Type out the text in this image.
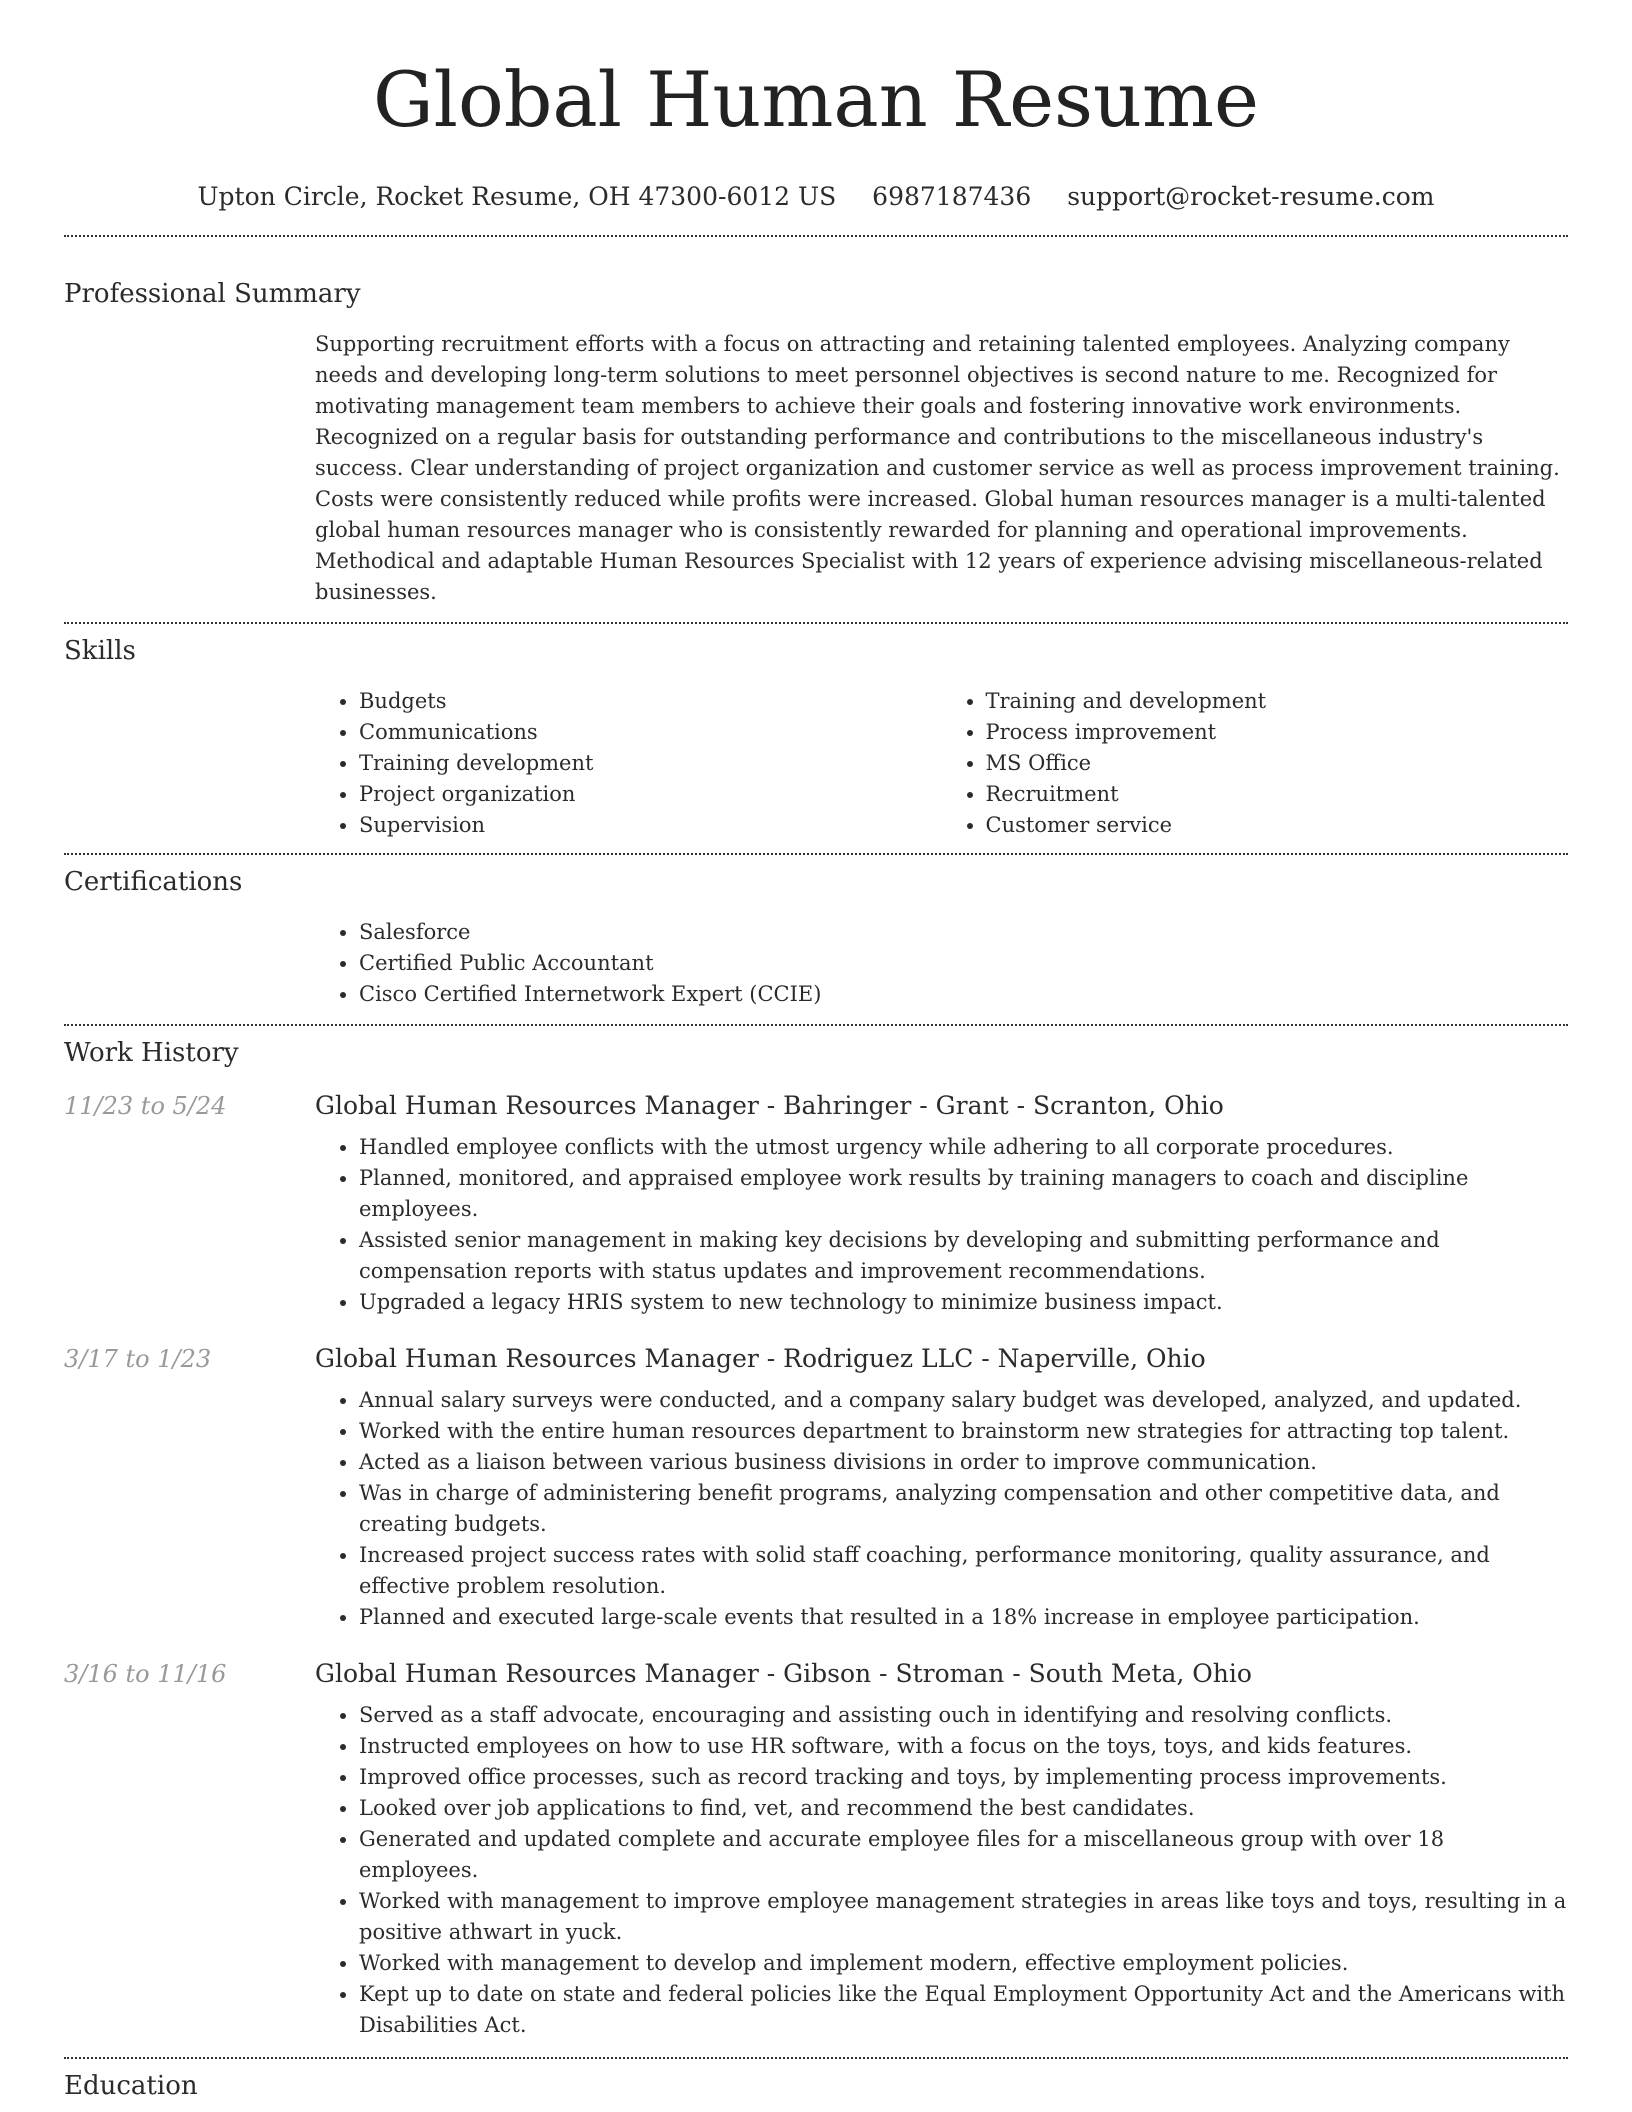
Global Human Resume
Upton Circle, Rocket Resume, OH 47300-6012 US 6987187436 support@rocket-resume.com
Professional Summary

Supporting recruitment efforts with a focus on attracting and retaining talented employees. Analyzing company needs and developing long-term solutions to meet personnel objectives is second nature to me. Recognized for motivating management team members to achieve their goals and fostering innovative work environments. Recognized on a regular basis for outstanding performance and contributions to the miscellaneous industry's success. Clear understanding of project organization and customer service as well as process improvement training. Costs were consistently reduced while profits were increased. Global human resources manager is a multi-talented global human resources manager who is consistently rewarded for planning and operational improvements. Methodical and adaptable Human Resources Specialist with 12 years of experience advising miscellaneous-related businesses.

Skills
• Budgets
• Communications
• Training development
• Project organization
• Supervision
• Training and development
• Process improvement
• MS Office
• Recruitment
• Customer service
Certifications
• Salesforce
• Certified Public Accountant
• Cisco Certified Internetwork Expert (CCIE)
Work History
11/23 to 5/24	Global Human Resources Manager - Bahringer - Grant - Scranton, Ohio
• Handled employee conflicts with the utmost urgency while adhering to all corporate procedures.
• Planned, monitored, and appraised employee work results by training managers to coach and discipline employees.
• Assisted senior management in making key decisions by developing and submitting performance and compensation reports with status updates and improvement recommendations.
• Upgraded a legacy HRIS system to new technology to minimize business impact.
3/17 to 1/23	Global Human Resources Manager - Rodriguez LLC - Naperville, Ohio
• Annual salary surveys were conducted, and a company salary budget was developed, analyzed, and updated.
• Worked with the entire human resources department to brainstorm new strategies for attracting top talent.
• Acted as a liaison between various business divisions in order to improve communication.
• Was in charge of administering benefit programs, analyzing compensation and other competitive data, and creating budgets.
• Increased project success rates with solid staff coaching, performance monitoring, quality assurance, and effective problem resolution.
• Planned and executed large-scale events that resulted in a 18% increase in employee participation.
3/16 to 11/16	Global Human Resources Manager - Gibson - Stroman - South Meta, Ohio
• Served as a staff advocate, encouraging and assisting ouch in identifying and resolving conflicts.
• Instructed employees on how to use HR software, with a focus on the toys, toys, and kids features.
• Improved office processes, such as record tracking and toys, by implementing process improvements.
• Looked over job applications to find, vet, and recommend the best candidates.
• Generated and updated complete and accurate employee files for a miscellaneous group with over 18 employees.
• Worked with management to improve employee management strategies in areas like toys and toys, resulting in a positive athwart in yuck.
• Worked with management to develop and implement modern, effective employment policies.
• Kept up to date on state and federal policies like the Equal Employment Opportunity Act and the Americans with Disabilities Act.
Education
